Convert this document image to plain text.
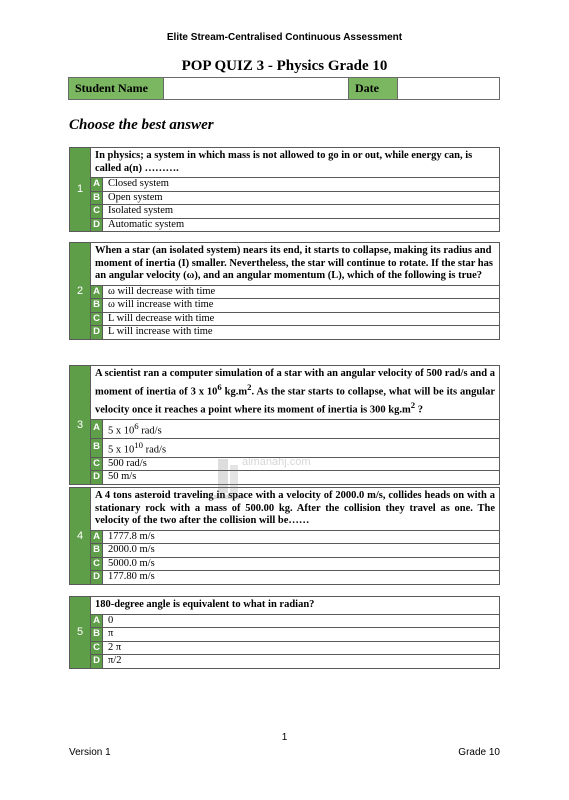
Elite Stream-Centralised Continuous Assessment
POP QUIZ 3 - Physics Grade 10
Student Name		Date	
Choose the best answer
1	In physics; a system in which mass is not allowed to go in or out, while energy can, is called a(n) ……….	
	A	Closed system
	B	Open system
	C	Isolated system
	D	Automatic system
2	When a star (an isolated system) nears its end, it starts to collapse, making its radius and moment of inertia (I) smaller. Nevertheless, the star will continue to rotate. If the star has an angular velocity (ω), and an angular momentum (L), which of the following is true?	
	A	ω will decrease with time
	B	ω will increase with time
	C	L will decrease with time
	D	L will increase with time
3	A scientist ran a computer simulation of a star with an angular velocity of 500 rad/s and a moment of inertia of 3 x $10^6$ $kg.m^2$. As the star starts to collapse, what will be its angular velocity once it reaches a point where its moment of inertia is 300 $kg.m^2$ ?	
	A	5 x $10^6$ rad/s
	B	5 x $10^{10}$ rad/s
	C	500 rad/s
	D	50 m/s
4	A 4 tons asteroid traveling in space with a velocity of 2000.0 m/s, collides heads on with a stationary rock with a mass of 500.00 kg. After the collision they travel as one. The velocity of the two after the collision will be……	
	A	1777.8 m/s
	B	2000.0 m/s
	C	5000.0 m/s
	D	177.80 m/s
5	180-degree angle is equivalent to what in radian?	
	A	0
	B	π
	C	2 π
	D	π/2
almanahj.com
1
Version 1	Grade 10
